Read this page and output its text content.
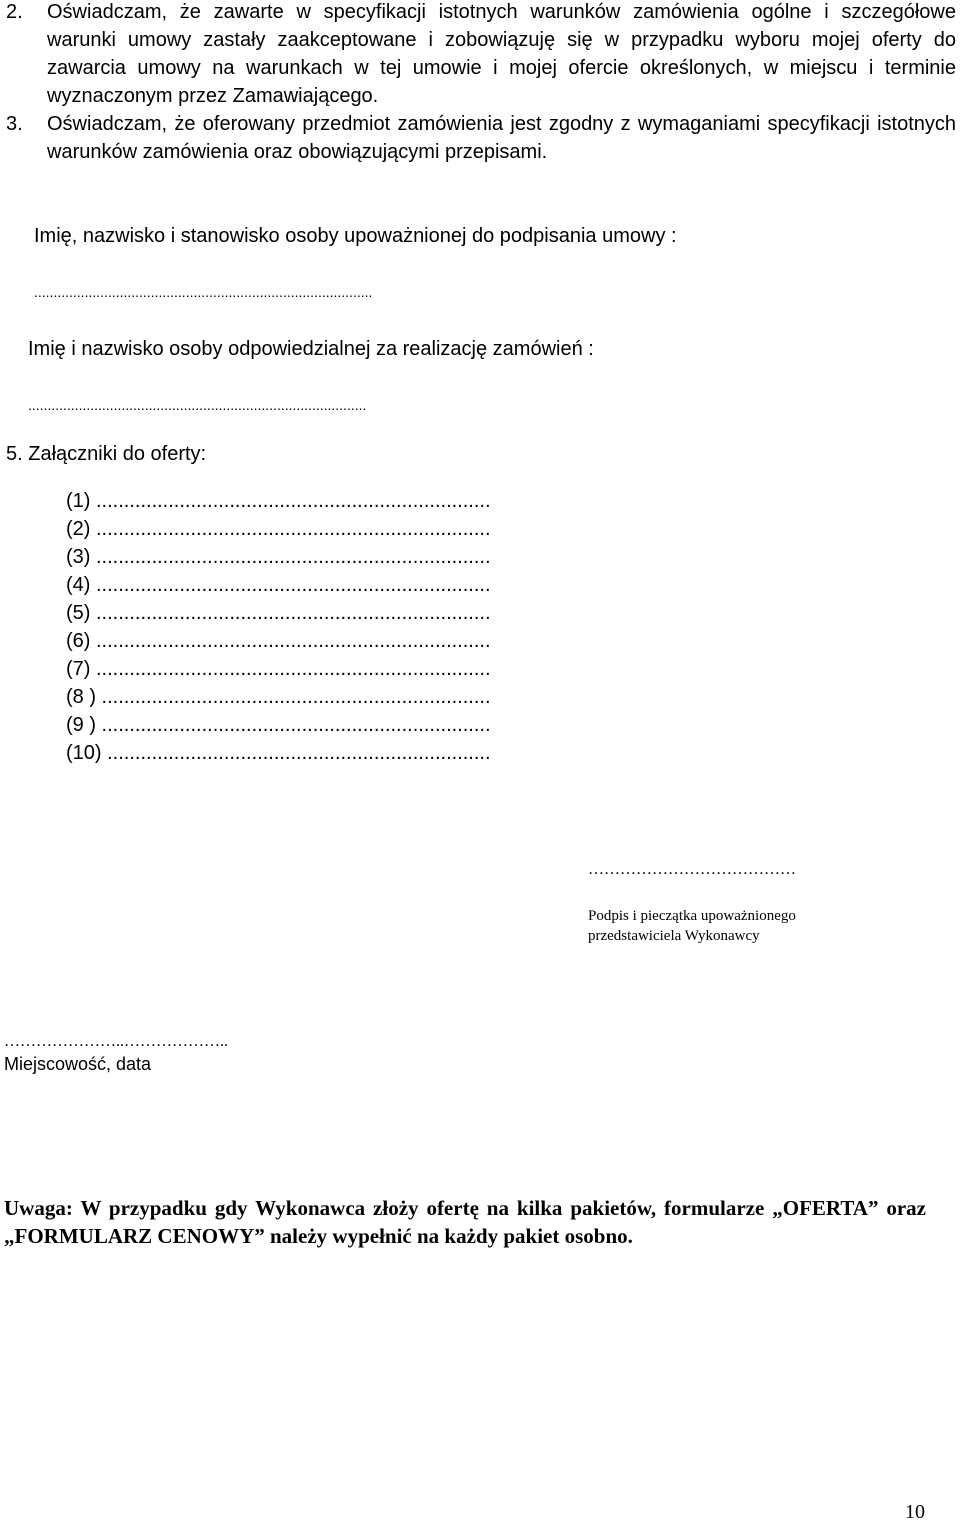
2. Oświadczam, że zawarte w specyfikacji istotnych warunków zamówienia ogólne i szczegółowe warunki umowy zastały zaakceptowane i zobowiązuję się w przypadku wyboru mojej oferty do zawarcia umowy na warunkach w tej umowie i mojej ofercie określonych, w miejscu i terminie wyznaczonym przez Zamawiającego.
3. Oświadczam, że oferowany przedmiot zamówienia jest zgodny z wymaganiami specyfikacji istotnych warunków zamówienia oraz obowiązującymi przepisami.
Imię, nazwisko i stanowisko osoby upoważnionej do podpisania umowy :
.......................................................................................
Imię i nazwisko osoby odpowiedzialnej za realizację zamówień :
.......................................................................................
5. Załączniki do oferty:
(1) .......................................................................
(2) .......................................................................
(3) .......................................................................
(4) .......................................................................
(5) .......................................................................
(6) .......................................................................
(7) .......................................................................
(8 ) ......................................................................
(9 ) ......................................................................
(10) .....................................................................
…………………………………
Podpis i pieczątka upoważnionego
przedstawiciela Wykonawcy
…………………..………………..
Miejscowość, data
Uwaga: W przypadku gdy Wykonawca złoży ofertę na kilka pakietów, formularze „OFERTA” oraz „FORMULARZ CENOWY” należy wypełnić na każdy pakiet osobno.
10
